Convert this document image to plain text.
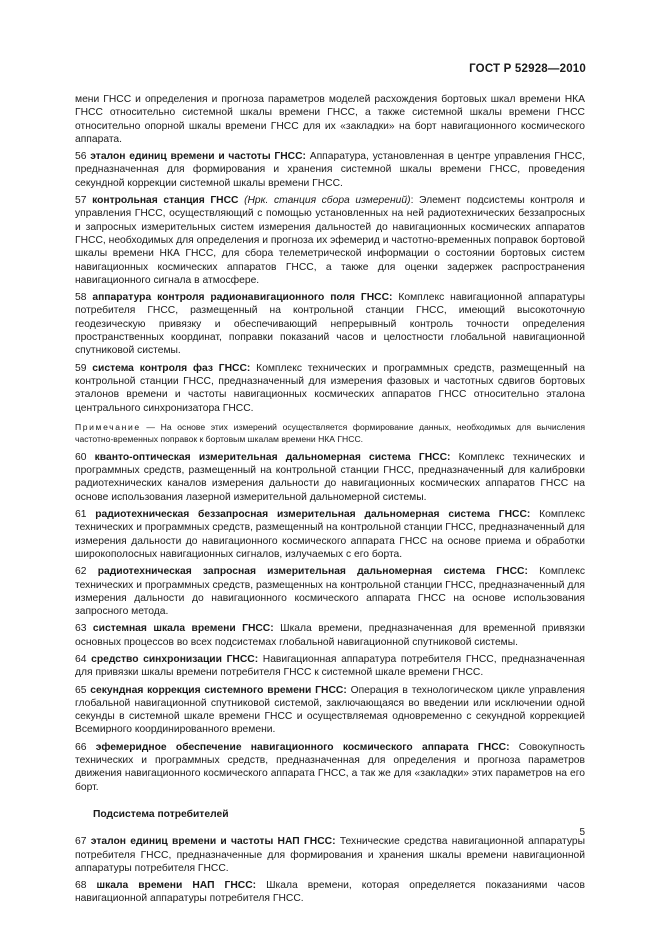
ГОСТ Р 52928—2010

мени ГНСС и определения и прогноза параметров моделей расхождения бортовых шкал времени НКА ГНСС относительно системной шкалы времени ГНСС, а также системной шкалы времени ГНСС относительно опорной шкалы времени ГНСС для их «закладки» на борт навигационного космического аппарата.

56 эталон единиц времени и частоты ГНСС: Аппаратура, установленная в центре управления ГНСС, предназначенная для формирования и хранения системной шкалы времени ГНСС, проведения секундной коррекции системной шкалы времени ГНСС.

57 контрольная станция ГНСС (Нрк. станция сбора измерений): Элемент подсистемы контроля и управления ГНСС, осуществляющий с помощью установленных на ней радиотехнических беззапросных и запросных измерительных систем измерения дальностей до навигационных космических аппаратов ГНСС, необходимых для определения и прогноза их эфемерид и частотно-временных поправок бортовой шкалы времени НКА ГНСС, для сбора телеметрической информации о состоянии бортовых систем навигационных космических аппаратов ГНСС, а также для оценки задержек распространения навигационного сигнала в атмосфере.

58 аппаратура контроля радионавигационного поля ГНСС: Комплекс навигационной аппаратуры потребителя ГНСС, размещенный на контрольной станции ГНСС, имеющий высокоточную геодезическую привязку и обеспечивающий непрерывный контроль точности определения пространственных координат, поправки показаний часов и целостности глобальной навигационной спутниковой системы.

59 система контроля фаз ГНСС: Комплекс технических и программных средств, размещенный на контрольной станции ГНСС, предназначенный для измерения фазовых и частотных сдвигов бортовых эталонов времени и частоты навигационных космических аппаратов ГНСС относительно эталона центрального синхронизатора ГНСС.

Примечание — На основе этих измерений осуществляется формирование данных, необходимых для вычисления частотно-временных поправок к бортовым шкалам времени НКА ГНСС.

60 кванто-оптическая измерительная дальномерная система ГНСС: Комплекс технических и программных средств, размещенный на контрольной станции ГНСС, предназначенный для калибровки радиотехнических каналов измерения дальности до навигационных космических аппаратов ГНСС на основе использования лазерной измерительной дальномерной системы.

61 радиотехническая беззапросная измерительная дальномерная система ГНСС: Комплекс технических и программных средств, размещенный на контрольной станции ГНСС, предназначенный для измерения дальности до навигационного космического аппарата ГНСС на основе приема и обработки широкополосных навигационных сигналов, излучаемых с его борта.

62 радиотехническая запросная измерительная дальномерная система ГНСС: Комплекс технических и программных средств, размещенных на контрольной станции ГНСС, предназначенный для измерения дальности до навигационного космического аппарата ГНСС на основе использования запросного метода.

63 системная шкала времени ГНСС: Шкала времени, предназначенная для временной привязки основных процессов во всех подсистемах глобальной навигационной спутниковой системы.

64 средство синхронизации ГНСС: Навигационная аппаратура потребителя ГНСС, предназначенная для привязки шкалы времени потребителя ГНСС к системной шкале времени ГНСС.

65 секундная коррекция системного времени ГНСС: Операция в технологическом цикле управления глобальной навигационной спутниковой системой, заключающаяся во введении или исключении одной секунды в системной шкале времени ГНСС и осуществляемая одновременно с секундной коррекцией Всемирного координированного времени.

66 эфемеридное обеспечение навигационного космического аппарата ГНСС: Совокупность технических и программных средств, предназначенная для определения и прогноза параметров движения навигационного космического аппарата ГНСС, а так же для «закладки» этих параметров на его борт.

Подсистема потребителей

67 эталон единиц времени и частоты НАП ГНСС: Технические средства навигационной аппаратуры потребителя ГНСС, предназначенные для формирования и хранения шкалы времени навигационной аппаратуры потребителя ГНСС.

68 шкала времени НАП ГНСС: Шкала времени, которая определяется показаниями часов навигационной аппаратуры потребителя ГНСС.

5
